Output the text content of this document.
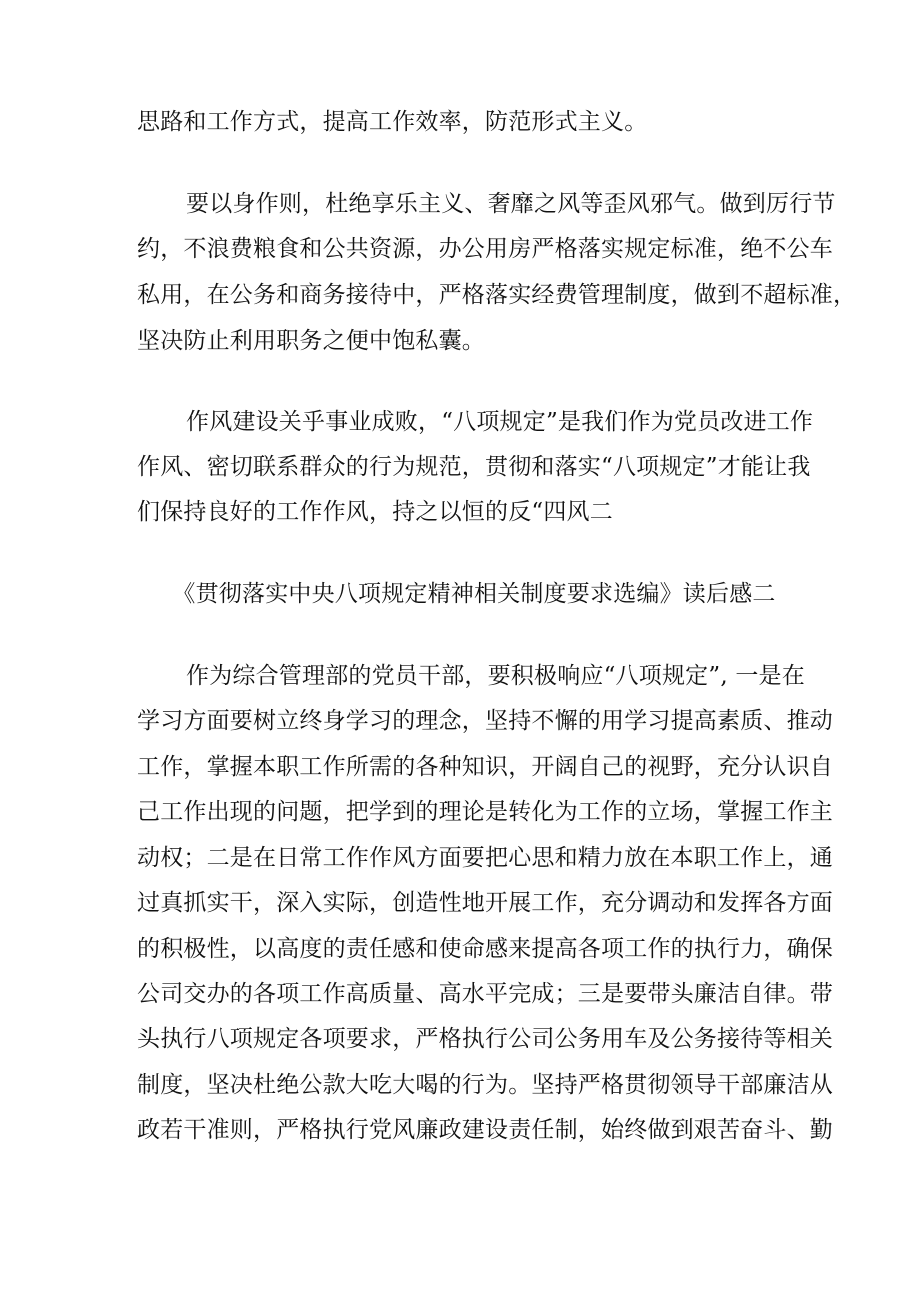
思路和工作方式，提高工作效率，防范形式主义。
要以身作则，杜绝享乐主义、奢靡之风等歪风邪气。做到厉行节
约，不浪费粮食和公共资源，办公用房严格落实规定标准，绝不公车
私用，在公务和商务接待中，严格落实经费管理制度，做到不超标准，
坚决防止利用职务之便中饱私囊。
作风建设关乎事业成败，“八项规定”是我们作为党员改进工作
作风、密切联系群众的行为规范，贯彻和落实“八项规定”才能让我
们保持良好的工作作风，持之以恒的反“四风二
《贯彻落实中央八项规定精神相关制度要求选编》读后感二
作为综合管理部的党员干部，要积极响应“八项规定”, 一是在
学习方面要树立终身学习的理念，坚持不懈的用学习提高素质、推动
工作，掌握本职工作所需的各种知识，开阔自己的视野，充分认识自
己工作出现的问题，把学到的理论是转化为工作的立场，掌握工作主
动权；二是在日常工作作风方面要把心思和精力放在本职工作上，通
过真抓实干，深入实际，创造性地开展工作，充分调动和发挥各方面
的积极性，以高度的责任感和使命感来提高各项工作的执行力，确保
公司交办的各项工作高质量、高水平完成；三是要带头廉洁自律。带
头执行八项规定各项要求，严格执行公司公务用车及公务接待等相关
制度，坚决杜绝公款大吃大喝的行为。坚持严格贯彻领导干部廉洁从
政若干准则，严格执行党风廉政建设责任制，始终做到艰苦奋斗、勤
